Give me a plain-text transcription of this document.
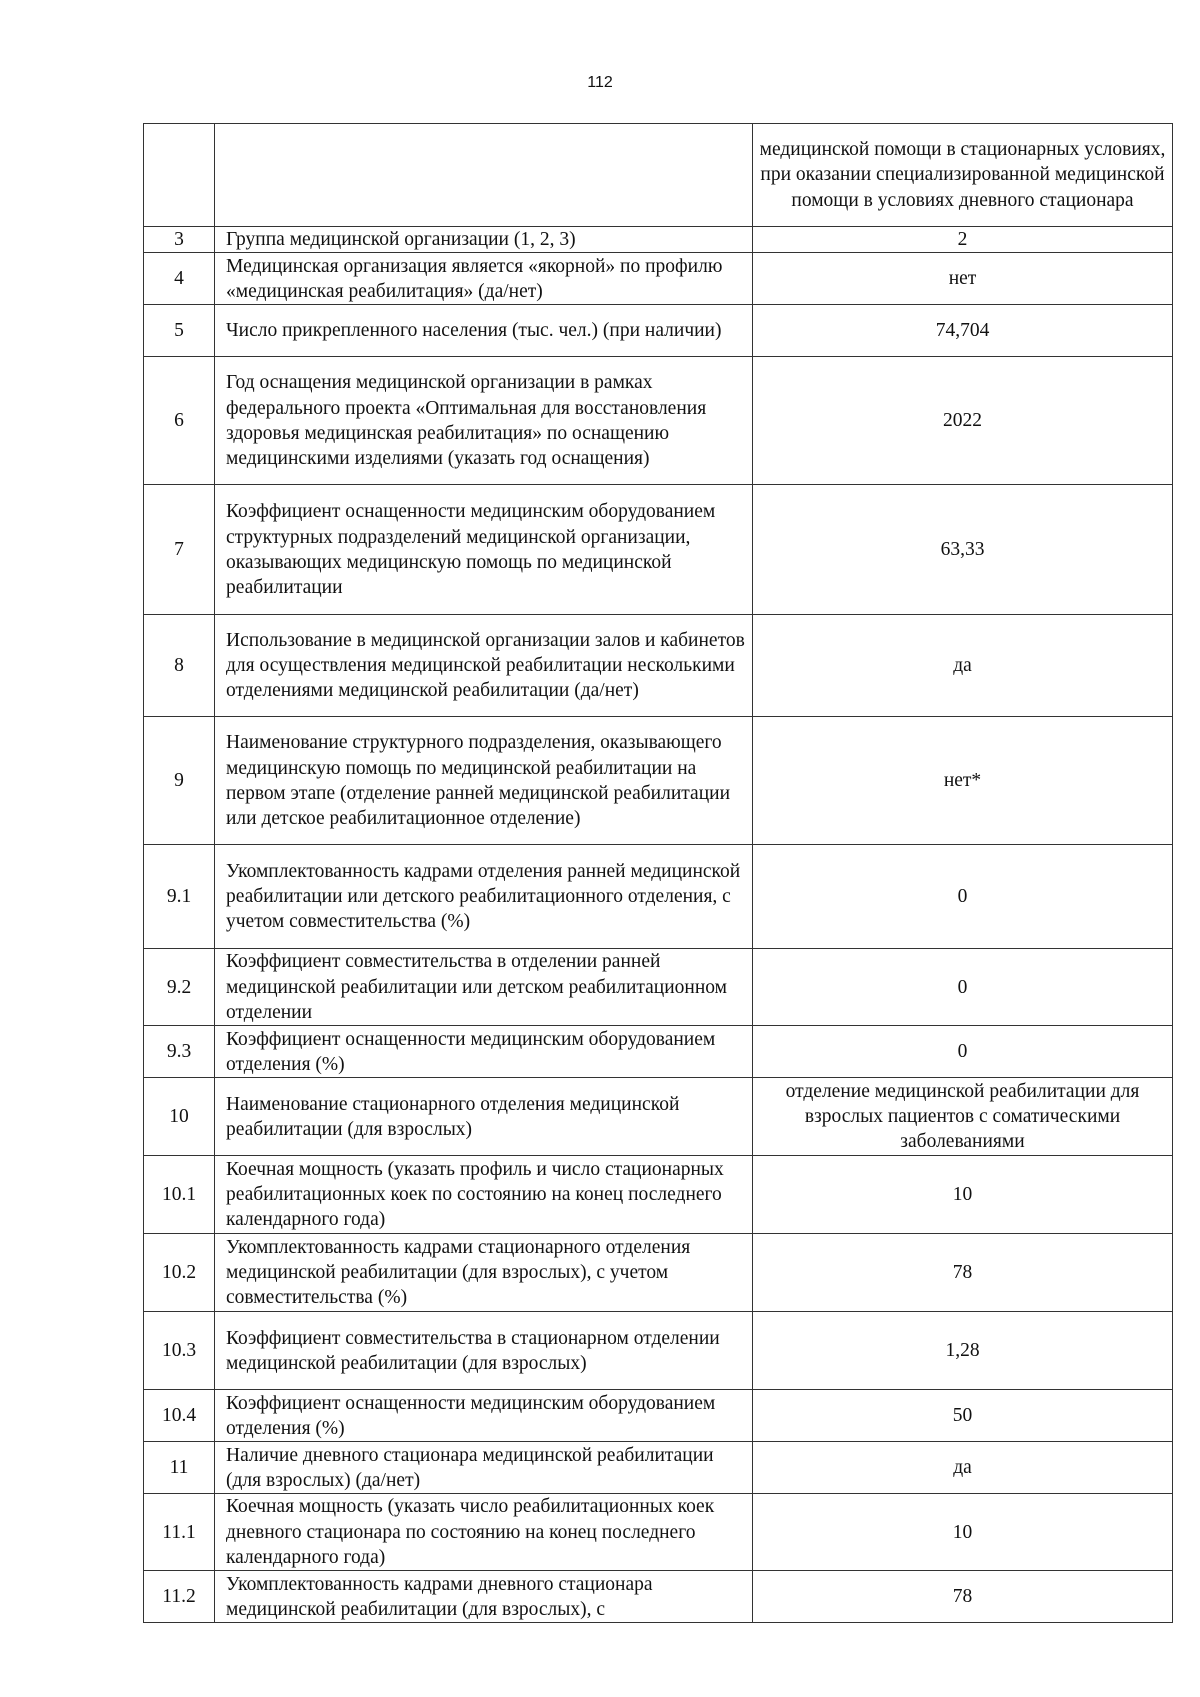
112
		медицинской помощи в стационарных условиях, при оказании специализированной медицинской помощи в условиях дневного стационара
3	Группа медицинской организации (1, 2, 3)	2
4	Медицинская организация является «якорной» по профилю «медицинская реабилитация» (да/нет)	нет
5	Число прикрепленного населения (тыс. чел.) (при наличии)	74,704
6	Год оснащения медицинской организации в рамках федерального проекта «Оптимальная для восстановления здоровья медицинская реабилитация» по оснащению медицинскими изделиями (указать год оснащения)	2022
7	Коэффициент оснащенности медицинским оборудованием структурных подразделений медицинской организации, оказывающих медицинскую помощь по медицинской реабилитации	63,33
8	Использование в медицинской организации залов и кабинетов для осуществления медицинской реабилитации несколькими отделениями медицинской реабилитации (да/нет)	да
9	Наименование структурного подразделения, оказывающего медицинскую помощь по медицинской реабилитации на первом этапе (отделение ранней медицинской реабилитации или детское реабилитационное отделение)	нет*
9.1	Укомплектованность кадрами отделения ранней медицинской реабилитации или детского реабилитационного отделения, с учетом совместительства (%)	0
9.2	Коэффициент совместительства в отделении ранней медицинской реабилитации или детском реабилитационном отделении	0
9.3	Коэффициент оснащенности медицинским оборудованием отделения (%)	0
10	Наименование стационарного отделения медицинской реабилитации (для взрослых)	отделение медицинской реабилитации для взрослых пациентов с соматическими заболеваниями
10.1	Коечная мощность (указать профиль и число стационарных реабилитационных коек по состоянию на конец последнего календарного года)	10
10.2	Укомплектованность кадрами стационарного отделения медицинской реабилитации (для взрослых), с учетом совместительства (%)	78
10.3	Коэффициент совместительства в стационарном отделении медицинской реабилитации (для взрослых)	1,28
10.4	Коэффициент оснащенности медицинским оборудованием отделения (%)	50
11	Наличие дневного стационара медицинской реабилитации (для взрослых) (да/нет)	да
11.1	Коечная мощность (указать число реабилитационных коек дневного стационара по состоянию на конец последнего календарного года)	10
11.2	Укомплектованность кадрами дневного стационара медицинской реабилитации (для взрослых), с	78
